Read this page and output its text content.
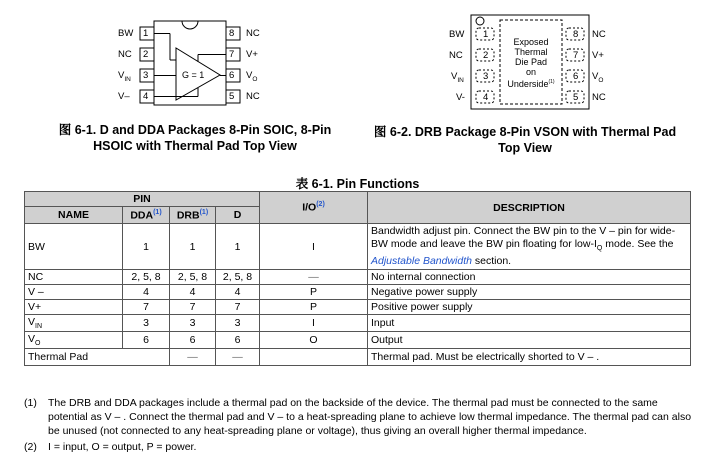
1
2
3
4
8
7
6
5
BW
NC
$V_{IN}$
V–
NC
V+
$V_O$
NC
G = 1
图 6-1. D and DDA Packages 8-Pin SOIC, 8-Pin
HSOIC with Thermal Pad Top View
1
2
3
4
8
7
6
5
BW
NC
$V_{IN}$
V-
NC
V+
$V_O$
NC
Exposed
Thermal
Die Pad
on
Underside$^{(1)}$
图 6-2. DRB Package 8-Pin VSON with Thermal Pad
Top View
表 6-1. Pin Functions
PIN				$I/O^{(2)}$	DESCRIPTION
NAME	DDA$^{(1)}$	DRB$^{(1)}$	D		
BW	1	1	1	I	Bandwidth adjust pin. Connect the BW pin to the V – pin for wide-BW mode and leave the BW pin floating for low-$I_Q$ mode. See the Adjustable Bandwidth section.
NC	2, 5, 8	2, 5, 8	2, 5, 8	—	No internal connection
V –	4	4	4	P	Negative power supply
V+	7	7	7	P	Positive power supply
$V_{IN}$	3	3	3	I	Input
$V_O$	6	6	6	O	Output
Thermal Pad		—	—		Thermal pad. Must be electrically shorted to V – .
(1)	The DRB and DDA packages include a thermal pad on the backside of the device. The thermal pad must be connected to the same potential as V – . Connect the thermal pad and V – to a heat-spreading plane to achieve low thermal impedance. The thermal pad can also be unused (not connected to any heat-spreading plane or voltage), thus giving an overall higher thermal impedance.
(2)	I = input, O = output, P = power.
